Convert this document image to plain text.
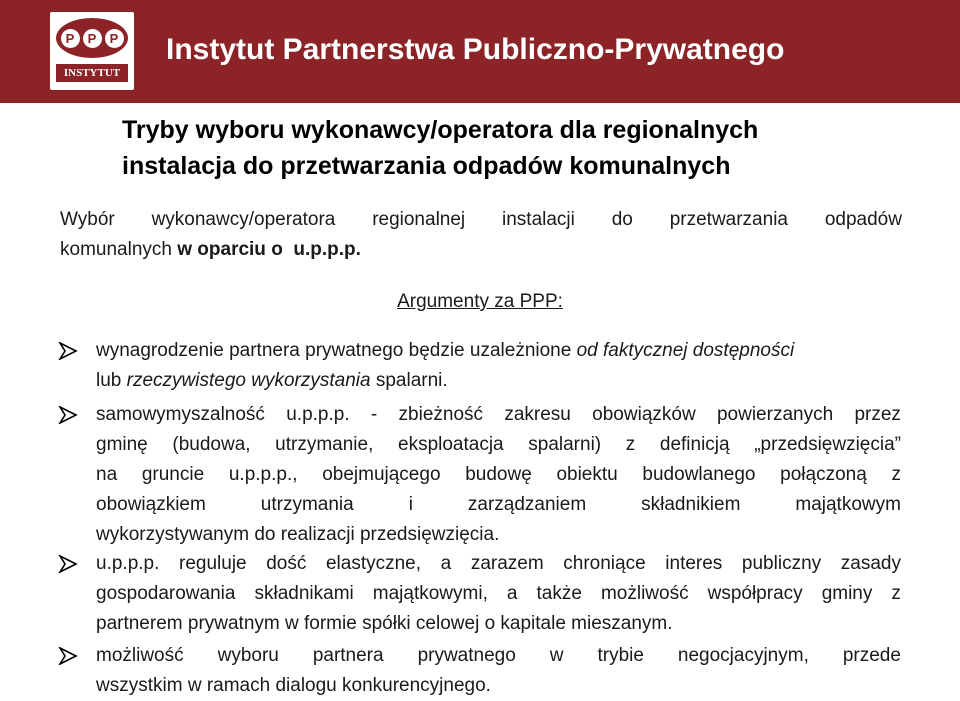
P	P	P
INSTYTUT
Instytut Partnerstwa Publiczno-Prywatnego
Tryby wyboru wykonawcy/operatora dla regionalnych
instalacja do przetwarzania odpadów komunalnych
Wybór wykonawcy/operatora regionalnej instalacji do przetwarzania odpadów
komunalnych w oparciu o  u.p.p.p.
Argumenty za PPP:
wynagrodzenie partnera prywatnego będzie uzależnione od faktycznej dostępności
lub rzeczywistego wykorzystania spalarni.
samowymyszalność u.p.p.p. - zbieżność zakresu obowiązków powierzanych przez
gminę (budowa, utrzymanie, eksploatacja spalarni) z definicją „przedsięwzięcia”
na gruncie u.p.p.p., obejmującego budowę obiektu budowlanego połączoną z
obowiązkiem	utrzymania	i	zarządzaniem	składnikiem	majątkowym
wykorzystywanym do realizacji przedsięwzięcia.
u.p.p.p. reguluje dość elastyczne, a zarazem chroniące interes publiczny zasady
gospodarowania składnikami majątkowymi, a także możliwość współpracy gminy z
partnerem prywatnym w formie spółki celowej o kapitale mieszanym.
możliwość wyboru partnera prywatnego w trybie negocjacyjnym, przede
wszystkim w ramach dialogu konkurencyjnego.
